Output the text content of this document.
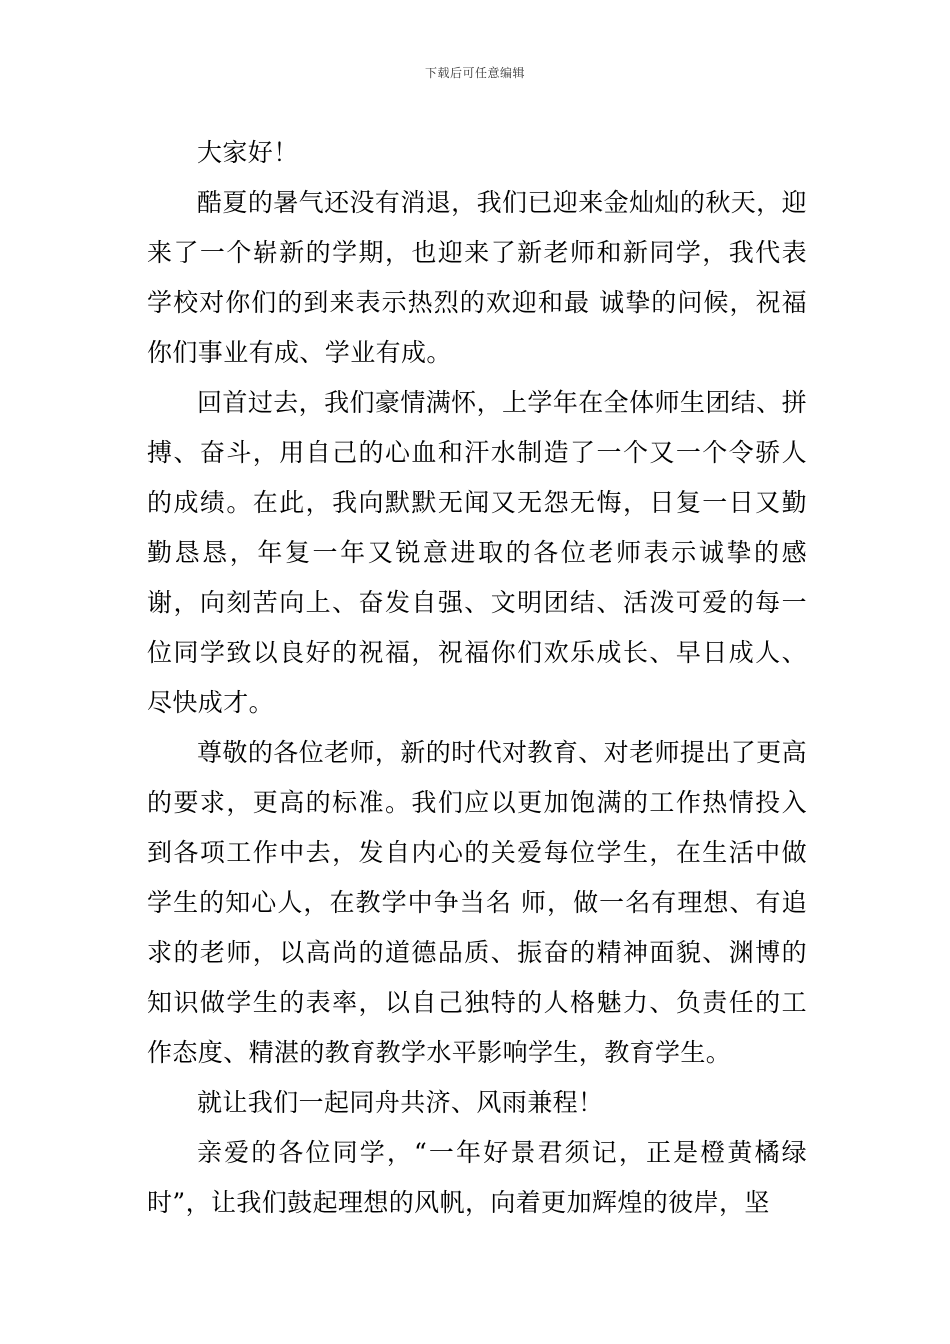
下载后可任意编辑

大家好！

酷夏的暑气还没有消退，我们已迎来金灿灿的秋天，迎来了一个崭新的学期，也迎来了新老师和新同学，我代表学校对你们的到来表示热烈的欢迎和最 诚挚的问候，祝福你们事业有成、学业有成。

回首过去，我们豪情满怀，上学年在全体师生团结、拼搏、奋斗，用自己的心血和汗水制造了一个又一个令骄人的成绩。在此，我向默默无闻又无怨无悔，日复一日又勤勤恳恳，年复一年又锐意进取的各位老师表示诚挚的感谢，向刻苦向上、奋发自强、文明团结、活泼可爱的每一位同学致以良好的祝福，祝福你们欢乐成长、早日成人、尽快成才。

尊敬的各位老师，新的时代对教育、对老师提出了更高的要求，更高的标准。我们应以更加饱满的工作热情投入到各项工作中去，发自内心的关爱每位学生，在生活中做学生的知心人，在教学中争当名 师，做一名有理想、有追求的老师，以高尚的道德品质、振奋的精神面貌、渊博的知识做学生的表率，以自己独特的人格魅力、负责任的工作态度、精湛的教育教学水平影响学生，教育学生。

就让我们一起同舟共济、风雨兼程！

亲爱的各位同学，“一年好景君须记，正是橙黄橘绿时”，让我们鼓起理想的风帆，向着更加辉煌的彼岸，坚
